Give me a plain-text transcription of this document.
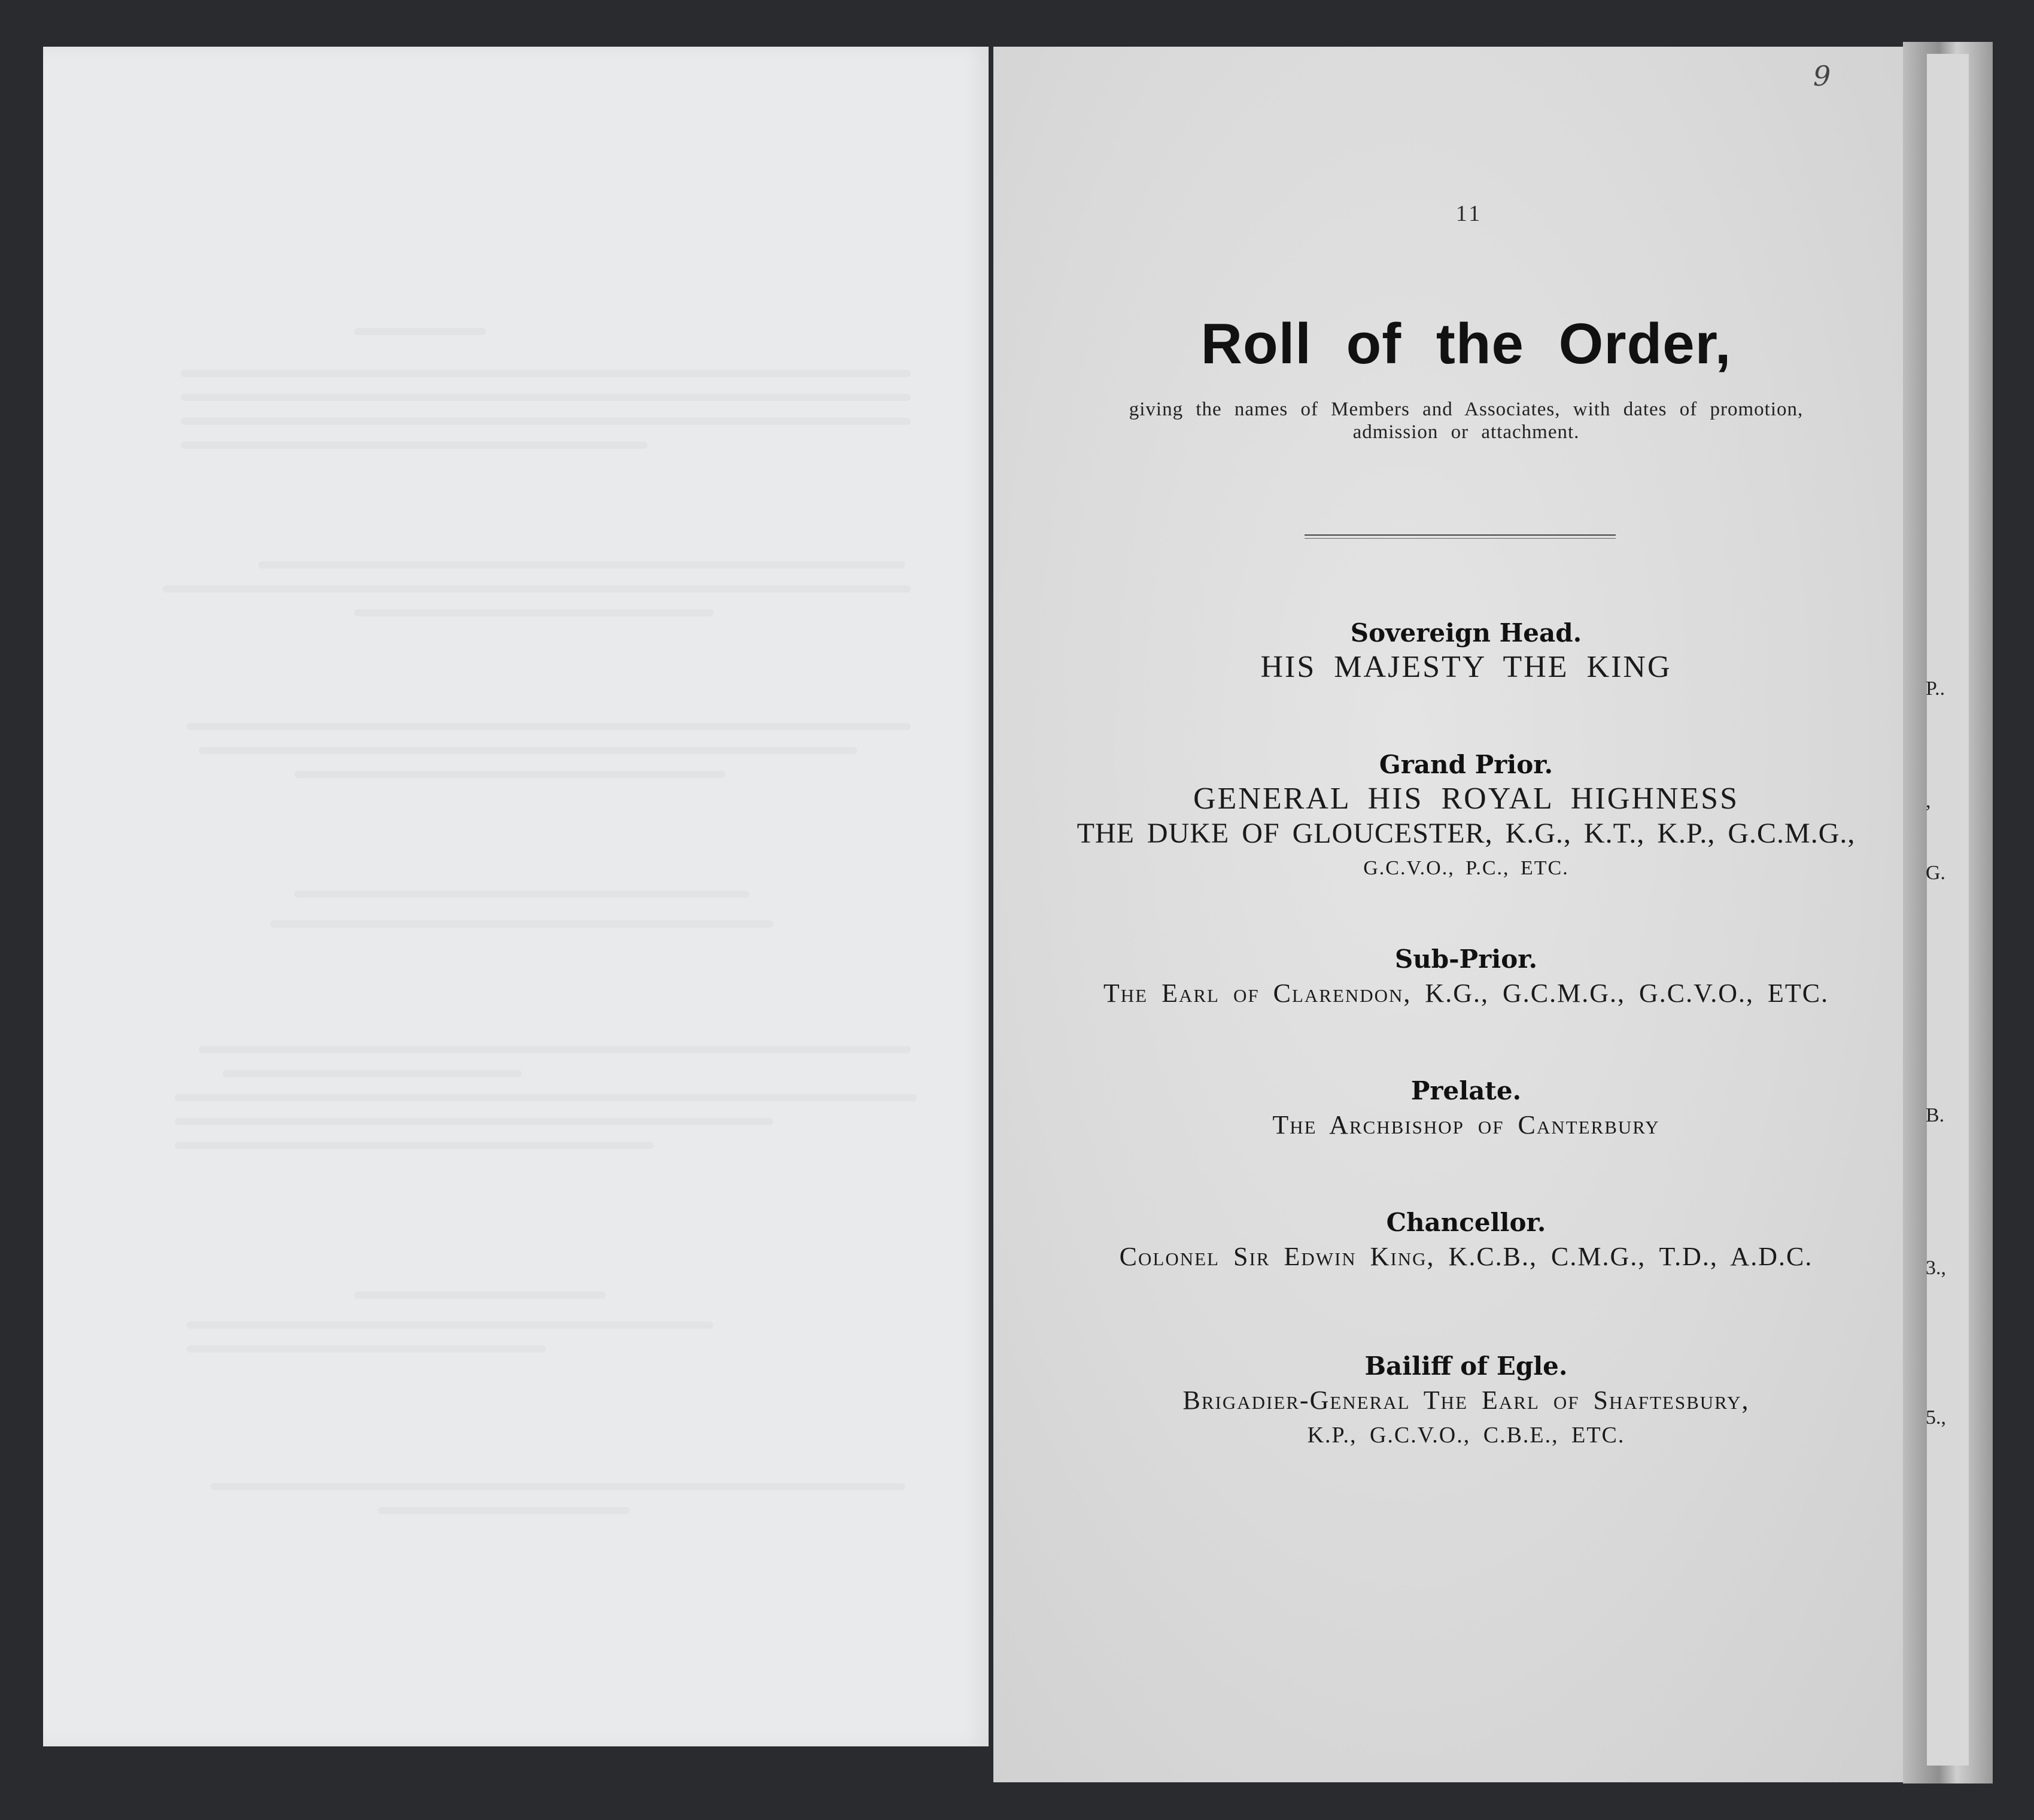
9
11
Roll of the Order,
giving the names of Members and Associates, with dates of promotion,
admission or attachment.
Sovereign Head.
HIS MAJESTY THE KING
Grand Prior.
GENERAL HIS ROYAL HIGHNESS
THE DUKE OF GLOUCESTER, K.G., K.T., K.P., G.C.M.G.,
G.C.V.O., P.C., ETC.
Sub-Prior.
The Earl of Clarendon, K.G., G.C.M.G., G.C.V.O., ETC.
Prelate.
The Archbishop of Canterbury
Chancellor.
Colonel Sir Edwin King, K.C.B., C.M.G., T.D., A.D.C.
Bailiff of Egle.
Brigadier-General The Earl of Shaftesbury,
K.P., G.C.V.O., C.B.E., ETC.
P..
,
G.
B.
3.,
5.,
